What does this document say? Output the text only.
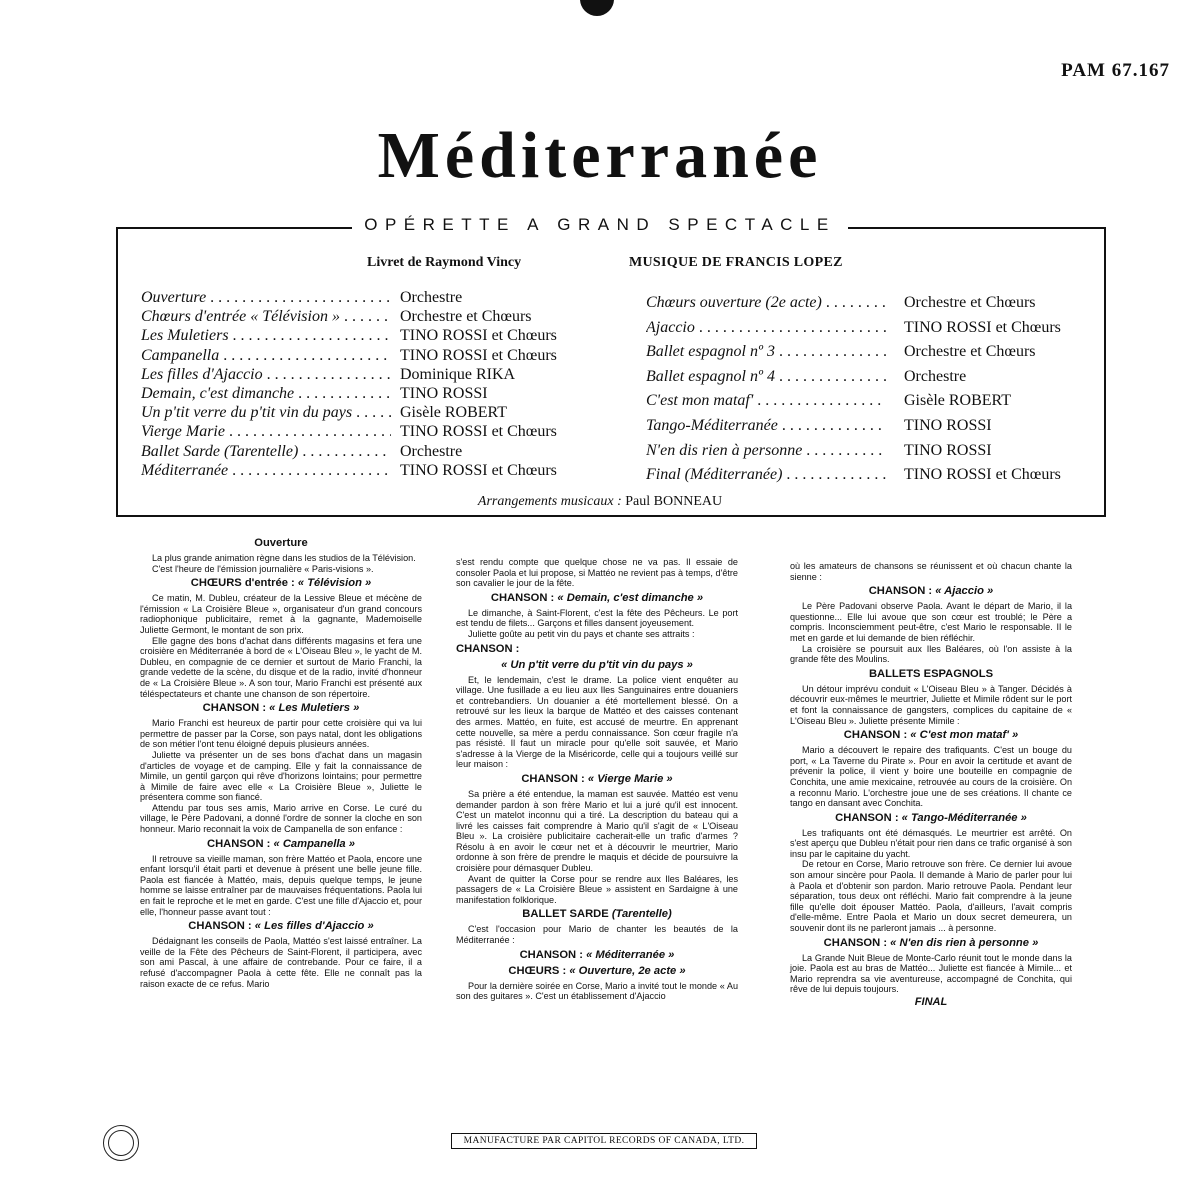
PAM 67.167
Méditerranée
OPÉRETTE A GRAND SPECTACLE
Livret de Raymond Vincy	MUSIQUE DE FRANCIS LOPEZ
Ouverture . . .	Orchestre
Chœurs d'entrée « Télévision » . . .	Orchestre et Chœurs
Les Muletiers . . .	TINO ROSSI et Chœurs
Campanella . . .	TINO ROSSI et Chœurs
Les filles d'Ajaccio . . .	Dominique RIKA
Demain, c'est dimanche . . .	TINO ROSSI
Un p'tit verre du p'tit vin du pays . . .	Gisèle ROBERT
Vierge Marie . . .	TINO ROSSI et Chœurs
Ballet Sarde (Tarentelle) . . .	Orchestre
Méditerranée . . .	TINO ROSSI et Chœurs
Chœurs ouverture (2e acte) . . .	Orchestre et Chœurs
Ajaccio . . .	TINO ROSSI et Chœurs
Ballet espagnol nº 3 . . .	Orchestre et Chœurs
Ballet espagnol nº 4 . . .	Orchestre
C'est mon mataf' . . .	Gisèle ROBERT
Tango-Méditerranée . . .	TINO ROSSI
N'en dis rien à personne . . .	TINO ROSSI
Final (Méditerranée) . . .	TINO ROSSI et Chœurs
Arrangements musicaux : Paul BONNEAU
Ouverture

La plus grande animation règne dans les studios de la Télévision.

C'est l'heure de l'émission journalière « Paris-visions ».

CHŒURS d'entrée : « Télévision »

Ce matin, M. Dubleu, créateur de la Lessive Bleue et mécène de l'émission « La Croisière Bleue », organisateur d'un grand concours radiophonique publicitaire, remet à la gagnante, Mademoiselle Juliette Germont, le montant de son prix.

Elle gagne des bons d'achat dans différents magasins et fera une croisière en Méditerranée à bord de « L'Oiseau Bleu », le yacht de M. Dubleu, en compagnie de ce dernier et surtout de Mario Franchi, la grande vedette de la scène, du disque et de la radio, invité d'honneur de « La Croisière Bleue ». A son tour, Mario Franchi est présenté aux téléspectateurs et chante une chanson de son répertoire.

CHANSON : « Les Muletiers »

Mario Franchi est heureux de partir pour cette croisière qui va lui permettre de passer par la Corse, son pays natal, dont les obligations de son métier l'ont tenu éloigné depuis plusieurs années.

Juliette va présenter un de ses bons d'achat dans un magasin d'articles de voyage et de camping. Elle y fait la connaissance de Mimile, un gentil garçon qui rêve d'horizons lointains; pour permettre à Mimile de faire avec elle « La Croisière Bleue », Juliette le présentera comme son fiancé.

Attendu par tous ses amis, Mario arrive en Corse. Le curé du village, le Père Padovani, a donné l'ordre de sonner la cloche en son honneur. Mario reconnait la voix de Campanella de son enfance :

CHANSON : « Campanella »

Il retrouve sa vieille maman, son frère Mattéo et Paola, encore une enfant lorsqu'il était parti et devenue à présent une belle jeune fille. Paola est fiancée à Mattéo, mais, depuis quelque temps, le jeune homme se laisse entraîner par de mauvaises fréquentations. Paola lui en fait le reproche et le met en garde. C'est une fille d'Ajaccio et, pour elle, l'honneur passe avant tout :

CHANSON : « Les filles d'Ajaccio »

Dédaignant les conseils de Paola, Mattéo s'est laissé entraîner. La veille de la Fête des Pêcheurs de Saint-Florent, il participera, avec son ami Pascal, à une affaire de contrebande. Pour ce faire, il a refusé d'accompagner Paola à cette fête. Elle ne connaît pas la raison exacte de ce refus. Mario

s'est rendu compte que quelque chose ne va pas. Il essaie de consoler Paola et lui propose, si Mattéo ne revient pas à temps, d'être son cavalier le jour de la fête.

CHANSON : « Demain, c'est dimanche »

Le dimanche, à Saint-Florent, c'est la fête des Pêcheurs. Le port est tendu de filets... Garçons et filles dansent joyeusement.

Juliette goûte au petit vin du pays et chante ses attraits :

CHANSON :
« Un p'tit verre du p'tit vin du pays »

Et, le lendemain, c'est le drame. La police vient enquêter au village. Une fusillade a eu lieu aux Iles Sanguinaires entre douaniers et contrebandiers. Un douanier a été mortellement blessé. On a retrouvé sur les lieux la barque de Mattéo et des caisses contenant des armes. Mattéo, en fuite, est accusé de meurtre. En apprenant cette nouvelle, sa mère a perdu connaissance. Son cœur fragile n'a pas résisté. Il faut un miracle pour qu'elle soit sauvée, et Mario s'adresse à la Vierge de la Miséricorde, celle qui a toujours veillé sur leur maison :

CHANSON : « Vierge Marie »

Sa prière a été entendue, la maman est sauvée. Mattéo est venu demander pardon à son frère Mario et lui a juré qu'il est innocent. C'est un matelot inconnu qui a tiré. La description du bateau qui a livré les caisses fait comprendre à Mario qu'il s'agit de « L'Oiseau Bleu ». La croisière publicitaire cacherait-elle un trafic d'armes ? Résolu à en avoir le cœur net et à découvrir le meurtrier, Mario ordonne à son frère de prendre le maquis et décide de poursuivre la croisière pour démasquer Dubleu.

Avant de quitter la Corse pour se rendre aux Iles Baléares, les passagers de « La Croisière Bleue » assistent en Sardaigne à une manifestation folklorique.

BALLET SARDE (Tarentelle)

C'est l'occasion pour Mario de chanter les beautés de la Méditerranée :

CHANSON : « Méditerranée »
CHŒURS : « Ouverture, 2e acte »

Pour la dernière soirée en Corse, Mario a invité tout le monde « Au son des guitares ». C'est un établissement d'Ajaccio

où les amateurs de chansons se réunissent et où chacun chante la sienne :

CHANSON : « Ajaccio »

Le Père Padovani observe Paola. Avant le départ de Mario, il la questionne... Elle lui avoue que son cœur est troublé; le Père a compris. Inconsciemment peut-être, c'est Mario le responsable. Il le met en garde et lui demande de bien réfléchir.

La croisière se poursuit aux Iles Baléares, où l'on assiste à la grande fête des Moulins.

BALLETS ESPAGNOLS

Un détour imprévu conduit « L'Oiseau Bleu » à Tanger. Décidés à découvrir eux-mêmes le meurtrier, Juliette et Mimile rôdent sur le port et font la connaissance de gangsters, complices du capitaine de « L'Oiseau Bleu ». Juliette présente Mimile :

CHANSON : « C'est mon mataf' »

Mario a découvert le repaire des trafiquants. C'est un bouge du port, « La Taverne du Pirate ». Pour en avoir la certitude et avant de prévenir la police, il vient y boire une bouteille en compagnie de Conchita, une amie mexicaine, retrouvée au cours de la croisière. On a reconnu Mario. L'orchestre joue une de ses créations. Il chante ce tango en dansant avec Conchita.

CHANSON : « Tango-Méditerranée »

Les trafiquants ont été démasqués. Le meurtrier est arrêté. On s'est aperçu que Dubleu n'était pour rien dans ce trafic organisé à son insu par le capitaine du yacht.

De retour en Corse, Mario retrouve son frère. Ce dernier lui avoue son amour sincère pour Paola. Il demande à Mario de parler pour lui à Paola et d'obtenir son pardon. Mario retrouve Paola. Pendant leur séparation, tous deux ont réfléchi. Mario fait comprendre à la jeune fille qu'elle doit épouser Mattéo. Paola, d'ailleurs, l'avait compris d'elle-même. Entre Paola et Mario un doux secret demeurera, un souvenir dont ils ne parleront jamais ... à personne.

CHANSON : « N'en dis rien à personne »

La Grande Nuit Bleue de Monte-Carlo réunit tout le monde dans la joie. Paola est au bras de Mattéo... Juliette est fiancée à Mimile... et Mario reprendra sa vie aventureuse, accompagné de Conchita, qui rêve de lui depuis toujours.

FINAL
MANUFACTURE PAR CAPITOL RECORDS OF CANADA, LTD.
